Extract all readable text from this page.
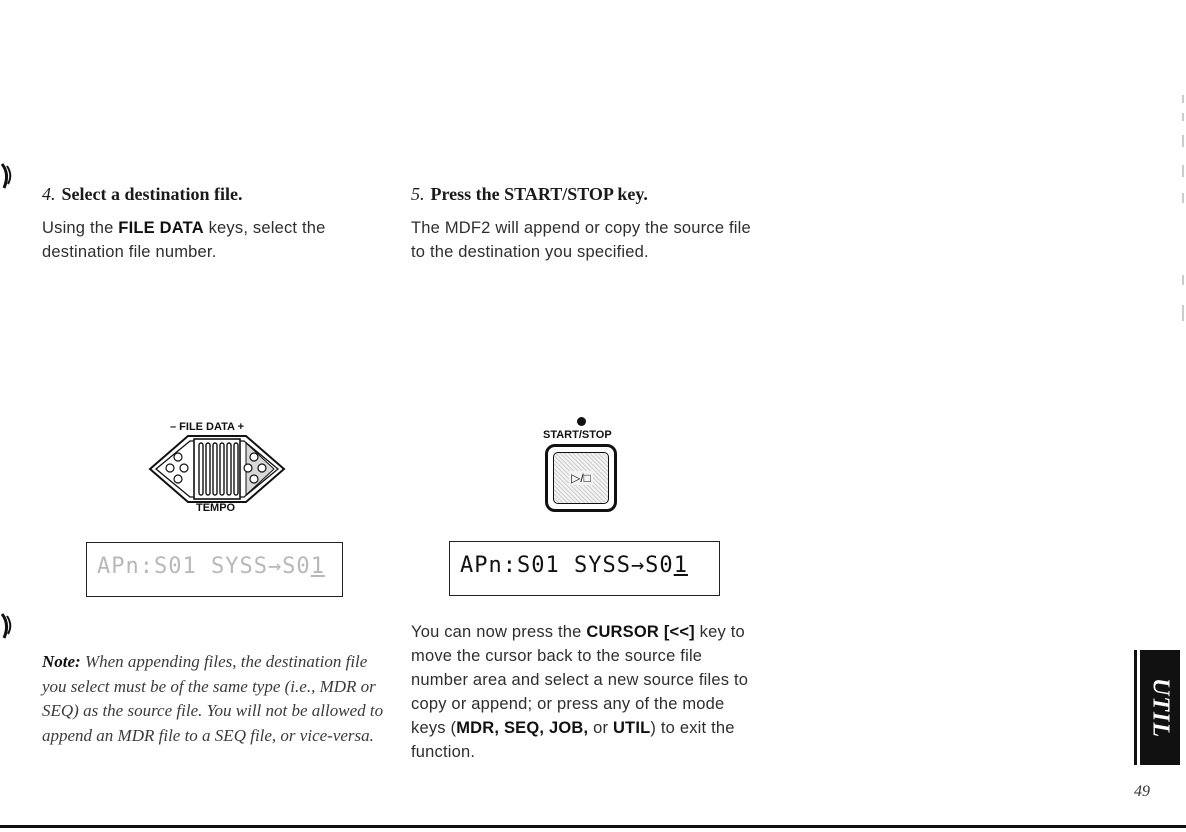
4. Select a destination file.
Using the FILE DATA keys, select the destination file number.
5. Press the START/STOP key.
The MDF2 will append or copy the source file to the destination you specified.
– FILE DATA +
TEMPO
START/STOP
▷/□
APn:S01 SYSS→S01	APn:S01 SYSS→S01
Note: When appending files, the destination file you select must be of the same type (i.e., MDR or SEQ) as the source file. You will not be allowed to append an MDR file to a SEQ file, or vice-versa.
You can now press the CURSOR [<<] key to move the cursor back to the source file number area and select a new source files to copy or append; or press any of the mode keys (MDR, SEQ, JOB, or UTIL) to exit the function.
UTIL
49
